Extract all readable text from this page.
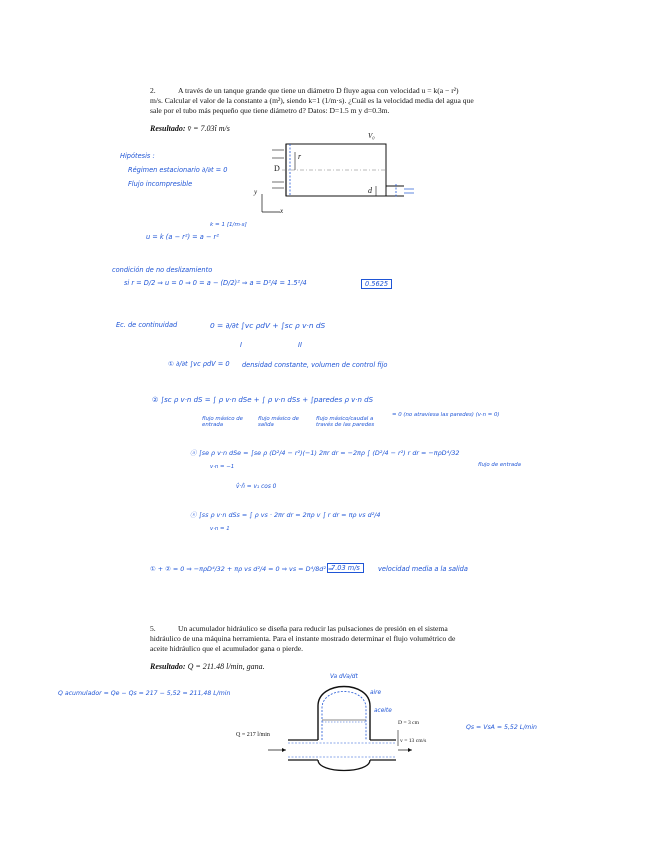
2.	A través de un tanque grande que tiene un diámetro D fluye agua con velocidad u = k(a − r²)
m/s. Calcular el valor de la constante a (m²), siendo k=1 (1/m·s). ¿Cuál es la velocidad media del agua que
sale por el tubo más pequeño que tiene diámetro d? Datos: D=1.5 m y d=0.3m.
Resultado: v̄ = 7.03î m/s
V₀
D
r
d
y
x
Hipótesis :
Régimen estacionario ∂/∂t = 0
Flujo incompresible
k = 1 [1/m·s]
u = k (a − r²) = a − r²
condición de no deslizamiento
si r = D/2 ⇒ u = 0 ⇒ 0 = a − (D/2)² ⇒ a = D²/4 = 1.5²/4	0.5625
Ec. de continuidad	0 = ∂/∂t ∫vc ρdV + ∫sc ρ v·n dS
I	II
① ∂/∂t ∫vc ρdV = 0 densidad constante, volumen de control fijo
② ∫sc ρ v·n dS = ∫ ρ v·n dSe + ∫ ρ v·n dSs + ∫paredes ρ v·n dS
flujo másico de entrada
flujo másico de salida
flujo másico/caudal a través de las paredes
= 0 (no atraviesa las paredes) (v·n = 0)
ⓐ ∫se ρ v·n dSe = ∫se ρ (D²/4 − r²)(−1) 2πr dr = −2πρ ∫ (D²/4 − r²) r dr = −πρD⁴/32
v·n = −1	flujo de entrada
v̂·n̂ = v₁ cos 0
ⓢ ∫ss ρ v·n dSs = ∫ ρ vs · 2πr dr = 2πρ v ∫ r dr = πρ vs d²/4
v·n = 1
① + ② = 0 ⇒ −πρD⁴/32 + πρ vs d²/4 = 0 ⇒ vs = D⁴/8d² =
7.03 m/s	velocidad media a la salida
5.	Un acumulador hidráulico se diseña para reducir las pulsaciones de presión en el sistema
hidráulico de una máquina herramienta. Para el instante mostrado determinar el flujo volumétrico de
aceite hidráulico que el acumulador gana o pierde.
Resultado: Q = 211.48 l/min, gana.
Q = 217 l/min
D = 3 cm
v = 13 cm/s
Va dVa/dt
aire
aceite
Q acumulador = Qe − Qs = 217 − 5,52 = 211,48 L/min
Qs = VsA = 5,52 L/min
